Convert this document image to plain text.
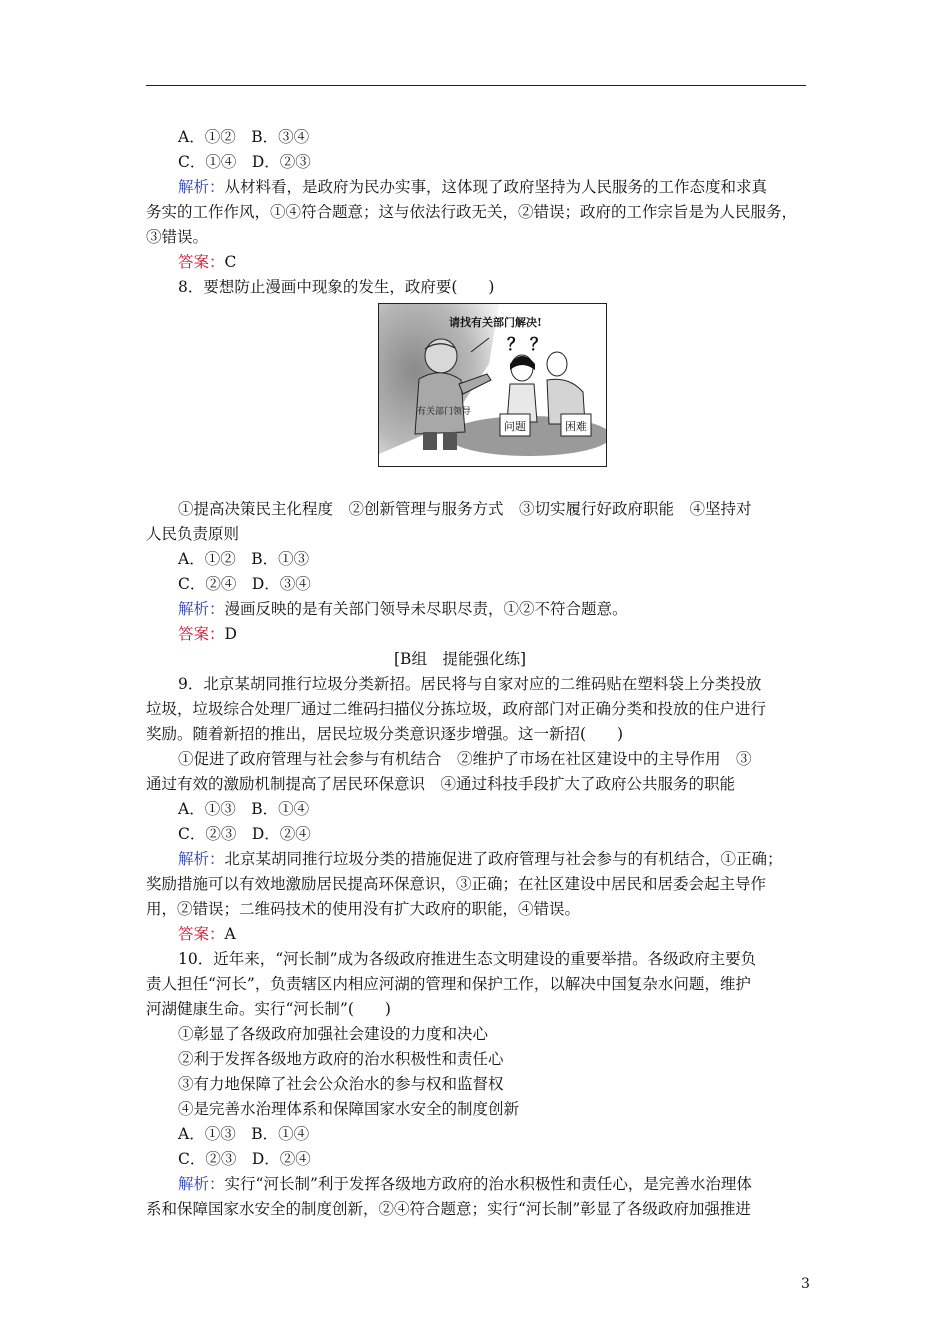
A．①②　B．③④
C．①④　D．②③
解析：从材料看，是政府为民办实事，这体现了政府坚持为人民服务的工作态度和求真
务实的工作作风，①④符合题意；这与依法行政无关，②错误；政府的工作宗旨是为人民服务，
③错误。
答案：C
8．要想防止漫画中现象的发生，政府要(　　)
请找有关部门解决!
？ ？
有关部门领导
问题	困难
①提高决策民主化程度　②创新管理与服务方式　③切实履行好政府职能　④坚持对
人民负责原则
A．①②　B．①③
C．②④　D．③④
解析：漫画反映的是有关部门领导未尽职尽责，①②不符合题意。
答案：D
[B组　提能强化练]
9．北京某胡同推行垃圾分类新招。居民将与自家对应的二维码贴在塑料袋上分类投放
垃圾，垃圾综合处理厂通过二维码扫描仪分拣垃圾，政府部门对正确分类和投放的住户进行
奖励。随着新招的推出，居民垃圾分类意识逐步增强。这一新招(　　)
①促进了政府管理与社会参与有机结合　②维护了市场在社区建设中的主导作用　③
通过有效的激励机制提高了居民环保意识　④通过科技手段扩大了政府公共服务的职能
A．①③　B．①④
C．②③　D．②④
解析：北京某胡同推行垃圾分类的措施促进了政府管理与社会参与的有机结合，①正确；
奖励措施可以有效地激励居民提高环保意识，③正确；在社区建设中居民和居委会起主导作
用，②错误；二维码技术的使用没有扩大政府的职能，④错误。
答案：A
10．近年来，“河长制”成为各级政府推进生态文明建设的重要举措。各级政府主要负
责人担任“河长”，负责辖区内相应河湖的管理和保护工作，以解决中国复杂水问题，维护
河湖健康生命。实行“河长制”(　　)
①彰显了各级政府加强社会建设的力度和决心
②利于发挥各级地方政府的治水积极性和责任心
③有力地保障了社会公众治水的参与权和监督权
④是完善水治理体系和保障国家水安全的制度创新
A．①③　B．①④
C．②③　D．②④
解析：实行“河长制”利于发挥各级地方政府的治水积极性和责任心，是完善水治理体
系和保障国家水安全的制度创新，②④符合题意；实行“河长制”彰显了各级政府加强推进
3
